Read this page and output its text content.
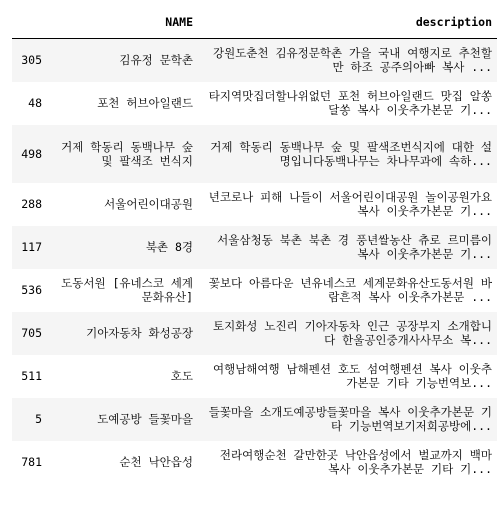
	NAME	description
305	김유정 문학촌	강원도춘천 김유정문학촌 가을 국내 여행지로 추천할만 하조 공주의아빠 복사 ...
48	포천 허브아일랜드	타지역맛집더할나위없던 포천 허브아일랜드 맛집 알쏭달쏭 복사 이웃추가본문 기...
498	거제 학동리 동백나무 숲 및 팔색조 번식지	거제 학동리 동백나무 숲 및 팔색조번식지에 대한 설명입니다동백나무는 차나무과에 속하...
288	서울어린이대공원	년코로나 피해 나들이 서울어린이대공원 놀이공원가요 복사 이웃추가본문 기...
117	북촌 8경	서울삼청동 북촌 북촌 경 풍년쌀농산 츄로 르미름이 복사 이웃추가본문 기...
536	도동서원 [유네스코 세계문화유산]	꽃보다 아름다운 년유네스코 세계문화유산도동서원 바람흔적 복사 이웃추가본문 ...
705	기아자동차 화성공장	토지화성 노진리 기아자동차 인근 공장부지 소개합니다 한울공인중개사사무소 복...
511	호도	여행남해여행 남해펜션 호도 섬여행펜션 복사 이웃추가본문 기타 기능번역보...
5	도예공방 들꽃마을	들꽃마을 소개도예공방들꽃마을 복사 이웃추가본문 기타 기능번역보기저희공방에...
781	순천 낙안읍성	전라여행순천 갈만한곳 낙안읍성에서 벌교까지 백마 복사 이웃추가본문 기타 기...
